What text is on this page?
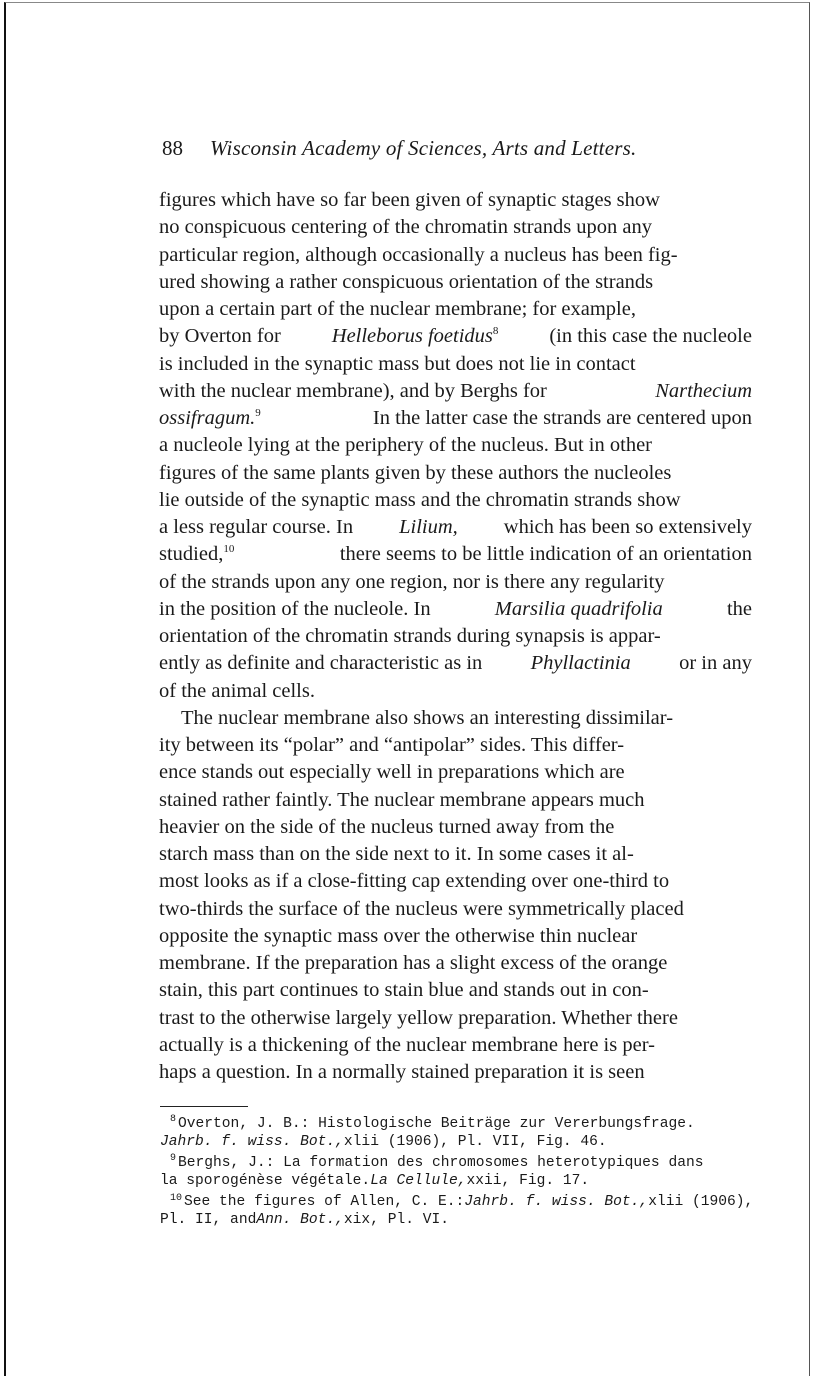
88 Wisconsin Academy of Sciences, Arts and Letters.
figures which have so far been given of synaptic stages show
no conspicuous centering of the chromatin strands upon any
particular region, although occasionally a nucleus has been fig-
ured showing a rather conspicuous orientation of the strands
upon a certain part of the nuclear membrane; for example,
by Overton for Helleborus foetidus$^8$ (in this case the nucleole
is included in the synaptic mass but does not lie in contact
with the nuclear membrane), and by Berghs for	Narthecium
ossifragum.$^9$	In the latter case the strands are centered upon
a nucleole lying at the periphery of the nucleus. But in other
figures of the same plants given by these authors the nucleoles
lie outside of the synaptic mass and the chromatin strands show
a less regular course. In Lilium, which has been so extensively
studied,$^{10}$	there seems to be little indication of an orientation
of the strands upon any one region, nor is there any regularity
in the position of the nucleole. In	Marsilia quadrifolia	the
orientation of the chromatin strands during synapsis is appar-
ently as definite and characteristic as in Phyllactinia or in any
of the animal cells.
The nuclear membrane also shows an interesting dissimilar-
ity between its “polar” and “antipolar” sides. This differ-
ence stands out especially well in preparations which are
stained rather faintly. The nuclear membrane appears much
heavier on the side of the nucleus turned away from the
starch mass than on the side next to it. In some cases it al-
most looks as if a close-fitting cap extending over one-third to
two-thirds the surface of the nucleus were symmetrically placed
opposite the synaptic mass over the otherwise thin nuclear
membrane. If the preparation has a slight excess of the orange
stain, this part continues to stain blue and stands out in con-
trast to the otherwise largely yellow preparation. Whether there
actually is a thickening of the nuclear membrane here is per-
haps a question. In a normally stained preparation it is seen
$^8$ Overton, J. B.: Histologische Beiträge zur Vererbungsfrage.
Jahrb. f. wiss. Bot., xlii (1906), Pl. VII, Fig. 46.
$^9$ Berghs, J.: La formation des chromosomes heterotypiques dans
la sporogénèse végétale. La Cellule, xxii, Fig. 17.
$^{10}$ See the figures of Allen, C. E.: Jahrb. f. wiss. Bot., xlii (1906),
Pl. II, and Ann. Bot., xix, Pl. VI.
